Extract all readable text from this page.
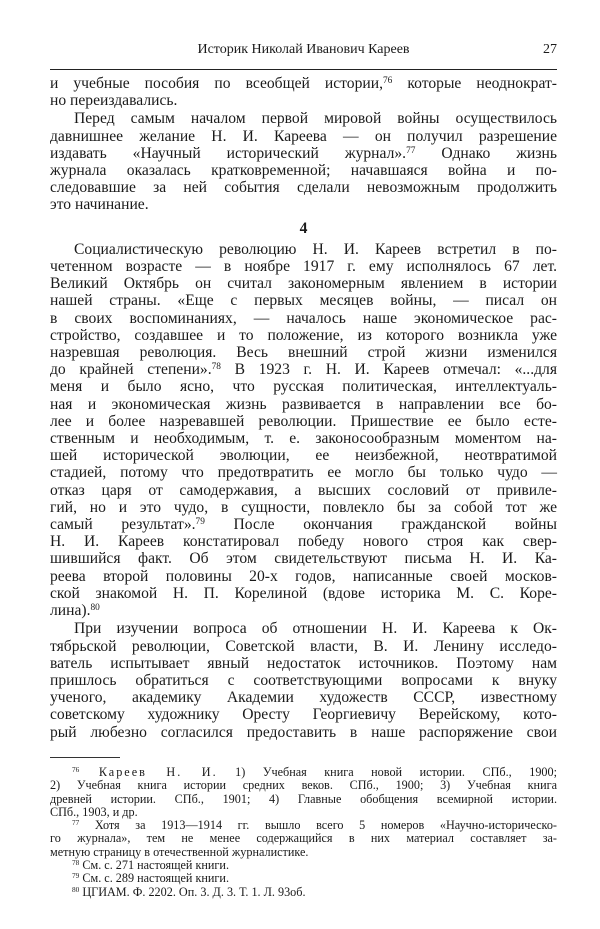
Историк Николай Иванович Кареев	27
и учебные пособия по всеобщей истории,$^{76}$ которые неоднократ-
но переиздавались.
Перед самым началом первой мировой войны осуществилось
давнишнее желание Н. И. Кареева — он получил разрешение
издавать «Научный исторический журнал».$^{77}$ Однако жизнь
журнала оказалась кратковременной; начавшаяся война и по-
следовавшие за ней события сделали невозможным продолжить
это начинание.
4
Социалистическую революцию Н. И. Кареев встретил в по-
четенном возрасте — в ноябре 1917 г. ему исполнялось 67 лет.
Великий Октябрь он считал закономерным явлением в истории
нашей страны. «Еще с первых месяцев войны, — писал он
в своих воспоминаниях, — началось наше экономическое рас-
стройство, создавшее и то положение, из которого возникла уже
назревшая революция. Весь внешний строй жизни изменился
до крайней степени».$^{78}$ В 1923 г. Н. И. Кареев отмечал: «...для
меня и было ясно, что русская политическая, интеллектуаль-
ная и экономическая жизнь развивается в направлении все бо-
лее и более назревавшей революции. Пришествие ее было есте-
ственным и необходимым, т. е. законосообразным моментом на-
шей исторической эволюции, ее неизбежной, неотвратимой
стадией, потому что предотвратить ее могло бы только чудо —
отказ царя от самодержавия, а высших сословий от привиле-
гий, но и это чудо, в сущности, повлекло бы за собой тот же
самый результат».$^{79}$ После окончания гражданской войны
Н. И. Кареев констатировал победу нового строя как свер-
шившийся факт. Об этом свидетельствуют письма Н. И. Ка-
реева второй половины 20-х годов, написанные своей москов-
ской знакомой Н. П. Корелиной (вдове историка М. С. Коре-
лина).$^{80}$
При изучении вопроса об отношении Н. И. Кареева к Ок-
тябрьской революции, Советской власти, В. И. Ленину исследо-
ватель испытывает явный недостаток источников. Поэтому нам
пришлось обратиться с соответствующими вопросами к внуку
ученого, академику Академии художеств СССР, известному
советскому художнику Оресту Георгиевичу Верейскому, кото-
рый любезно согласился предоставить в наше распоряжение свои
$^{76}$ Кареев Н. И. 1) Учебная книга новой истории. СПб., 1900;
2) Учебная книга истории средних веков. СПб., 1900; 3) Учебная книга
древней истории. СПб., 1901; 4) Главные обобщения всемирной истории.
СПб., 1903, и др.
$^{77}$ Хотя за 1913—1914 гг. вышло всего 5 номеров «Научно-историческо-
го журнала», тем не менее содержащийся в них материал составляет за-
метную страницу в отечественной журналистике.
$^{78}$ См. с. 271 настоящей книги.
$^{79}$ См. с. 289 настоящей книги.
$^{80}$ ЦГИАМ. Ф. 2202. Оп. 3. Д. 3. Т. 1. Л. 93об.
